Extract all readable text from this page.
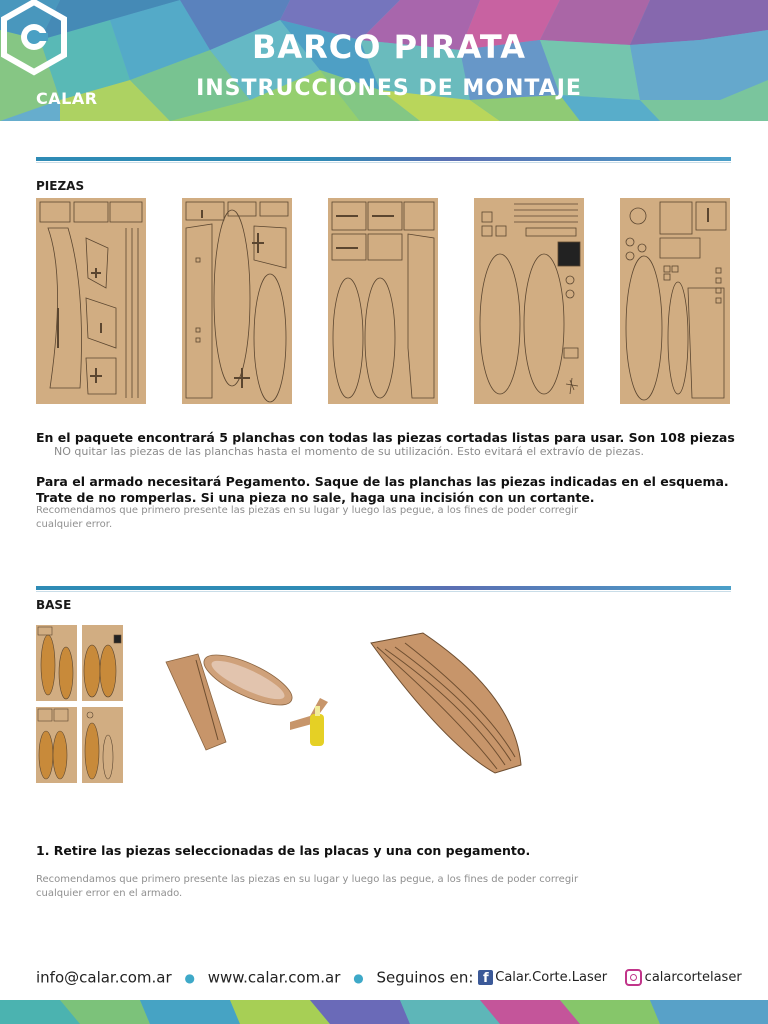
CALAR
BARCO PIRATA
INSTRUCCIONES DE MONTAJE
PIEZAS
En el paquete encontrará 5 planchas con todas las piezas cortadas listas para usar. Son 108 piezas
NO quitar las piezas de las planchas hasta el momento de su utilización. Esto evitará el extravío de piezas.
Para el armado necesitará Pegamento. Saque de las planchas las piezas indicadas en el esquema.
Trate de no romperlas. Si una pieza no sale, haga una incisión con un cortante.
Recomendamos que primero presente las piezas en su lugar y luego las pegue, a los fines de poder corregir
cualquier error.
BASE
1. Retire las piezas seleccionadas de las placas y una con pegamento.
Recomendamos que primero presente las piezas en su lugar y luego las pegue, a los fines de poder corregir
cualquier error en el armado.
info@calar.com.ar ● www.calar.com.ar ● Seguinos en: f Calar.Corte.Laser	calarcortelaser
